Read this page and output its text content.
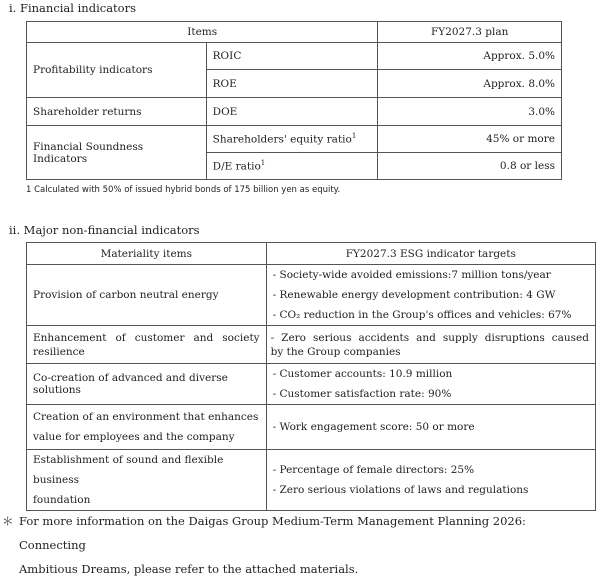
i. Financial indicators
Items		FY2027.3 plan
Profitability indicators	ROIC	Approx. 5.0%
	ROE	Approx. 8.0%
Shareholder returns	DOE	3.0%
Financial Soundness Indicators	Shareholders' equity ratio$^1$	45% or more
	D/E ratio$^1$	0.8 or less
1 Calculated with 50% of issued hybrid bonds of 175 billion yen as equity.
ii. Major non-financial indicators
Materiality items	FY2027.3 ESG indicator targets
Provision of carbon neutral energy	- Society-wide avoided emissions:7 million tons/year
- Renewable energy development contribution: 4 GW
- CO₂ reduction in the Group's offices and vehicles: 67%

Enhancement of customer and society
resilience	- Zero serious accidents and supply disruptions caused
by the Group companies

Co-creation of advanced and diverse solutions	- Customer accounts: 10.9 million
- Customer satisfaction rate: 90%

Creation of an environment that enhances
value for employees and the company	- Work engagement score: 50 or more

Establishment of sound and flexible business
foundation	- Percentage of female directors: 25%
- Zero serious violations of laws and regulations
＊ For more information on the Daigas Group Medium-Term Management Planning 2026: Connecting
Ambitious Dreams, please refer to the attached materials.
